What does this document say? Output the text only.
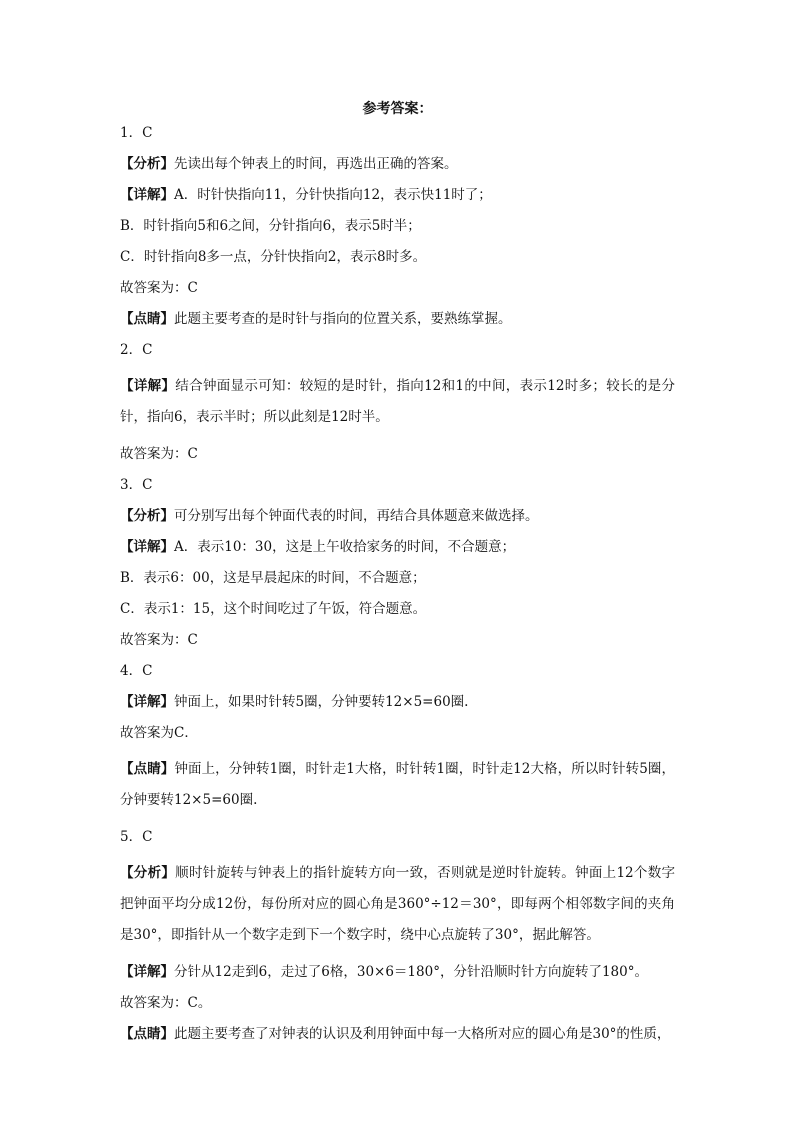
参考答案：
1．C
【分析】先读出每个钟表上的时间，再选出正确的答案。
【详解】A．时针快指向11，分针快指向12，表示快11时了；
B．时针指向5和6之间，分针指向6，表示5时半；
C．时针指向8多一点，分针快指向2，表示8时多。
故答案为：C
【点睛】此题主要考查的是时针与指向的位置关系，要熟练掌握。
2．C
【详解】结合钟面显示可知：较短的是时针，指向12和1的中间，表示12时多；较长的是分针，指向6，表示半时；所以此刻是12时半。
故答案为：C
3．C
【分析】可分别写出每个钟面代表的时间，再结合具体题意来做选择。
【详解】A．表示10：30，这是上午收拾家务的时间，不合题意；
B．表示6：00，这是早晨起床的时间，不合题意；
C．表示1：15，这个时间吃过了午饭，符合题意。
故答案为：C
4．C
【详解】钟面上，如果时针转5圈，分钟要转12×5=60圈.
故答案为C．
【点睛】钟面上，分钟转1圈，时针走1大格，时针转1圈，时针走12大格，所以时针转5圈，分钟要转12×5=60圈.
5．C
【分析】顺时针旋转与钟表上的指针旋转方向一致，否则就是逆时针旋转。钟面上12个数字把钟面平均分成12份，每份所对应的圆心角是360°÷12＝30°，即每两个相邻数字间的夹角是30°，即指针从一个数字走到下一个数字时，绕中心点旋转了30°，据此解答。
【详解】分针从12走到6，走过了6格，30×6＝180°，分针沿顺时针方向旋转了180°。
故答案为：C。
【点睛】此题主要考查了对钟表的认识及利用钟面中每一大格所对应的圆心角是30°的性质，
